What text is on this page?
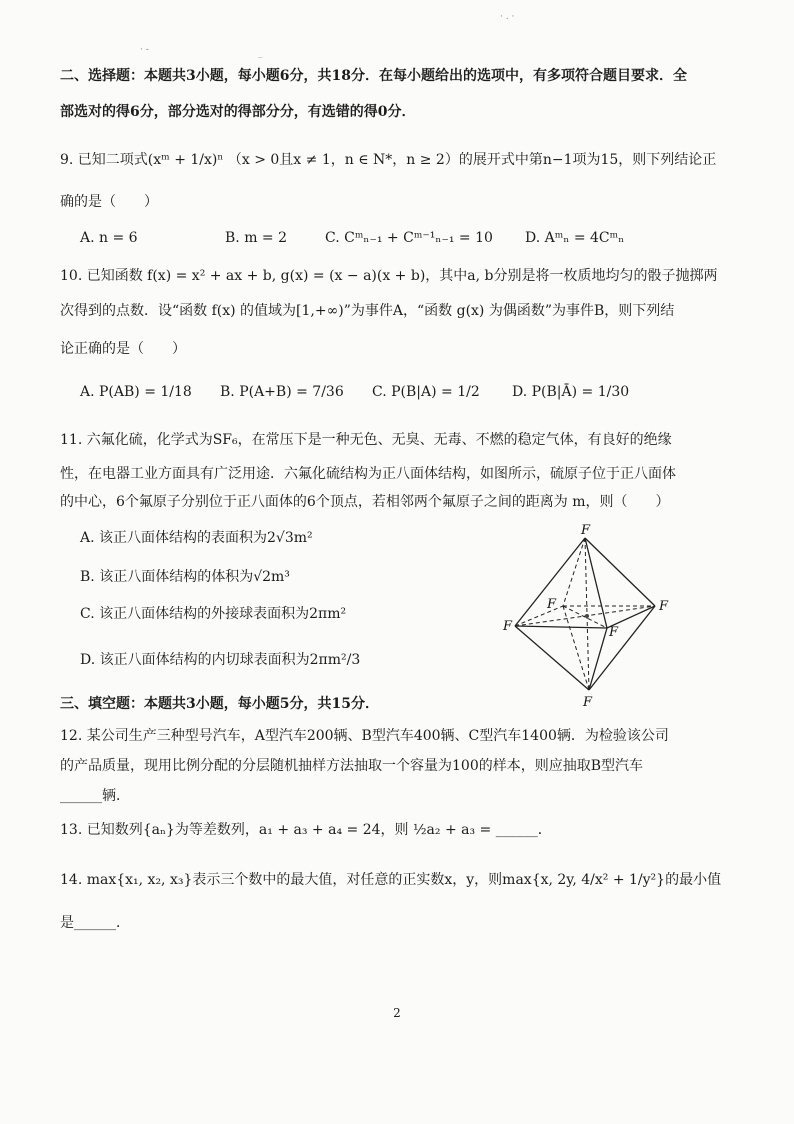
· -	_
· . ·
二、选择题：本题共3小题，每小题6分，共18分．在每小题给出的选项中，有多项符合题目要求．全
部选对的得6分，部分选对的得部分分，有选错的得0分．
9. 已知二项式(xᵐ + 1/x)ⁿ （x > 0且x ≠ 1，n ∈ N*，n ≥ 2）的展开式中第n−1项为15，则下列结论正
确的是（　　）
A. n = 6	B. m = 2	C. Cᵐₙ₋₁ + Cᵐ⁻¹ₙ₋₁ = 10 D. Aᵐₙ = 4Cᵐₙ
10. 已知函数 f(x) = x² + ax + b, g(x) = (x − a)(x + b)，其中a, b分别是将一枚质地均匀的骰子抛掷两
次得到的点数．设“函数 f(x) 的值域为[1,+∞)”为事件A，“函数 g(x) 为偶函数”为事件B，则下列结
论正确的是（　　）
A. P(AB) = 1/18 B. P(A+B) = 7/36 C. P(B|A) = 1/2 D. P(B|Ā) = 1/30
11. 六氟化硫，化学式为SF₆，在常压下是一种无色、无臭、无毒、不燃的稳定气体，有良好的绝缘
性，在电器工业方面具有广泛用途．六氟化硫结构为正八面体结构，如图所示，硫原子位于正八面体
的中心，6个氟原子分别位于正八面体的6个顶点，若相邻两个氟原子之间的距离为 m，则（　　）
A. 该正八面体结构的表面积为2√3m²
B. 该正八面体结构的体积为√2m³
C. 该正八面体结构的外接球表面积为2πm²
D. 该正八面体结构的内切球表面积为2πm²/3
F
F
F
F
F
F
三、填空题：本题共3小题，每小题5分，共15分．
12. 某公司生产三种型号汽车，A型汽车200辆、B型汽车400辆、C型汽车1400辆．为检验该公司
的产品质量，现用比例分配的分层随机抽样方法抽取一个容量为100的样本，则应抽取B型汽车
______辆．
13. 已知数列{aₙ}为等差数列，a₁ + a₃ + a₄ = 24，则 ½a₂ + a₃ = ______．
14. max{x₁, x₂, x₃}表示三个数中的最大值，对任意的正实数x，y，则max{x, 2y, 4/x² + 1/y²}的最小值
是______．
2
